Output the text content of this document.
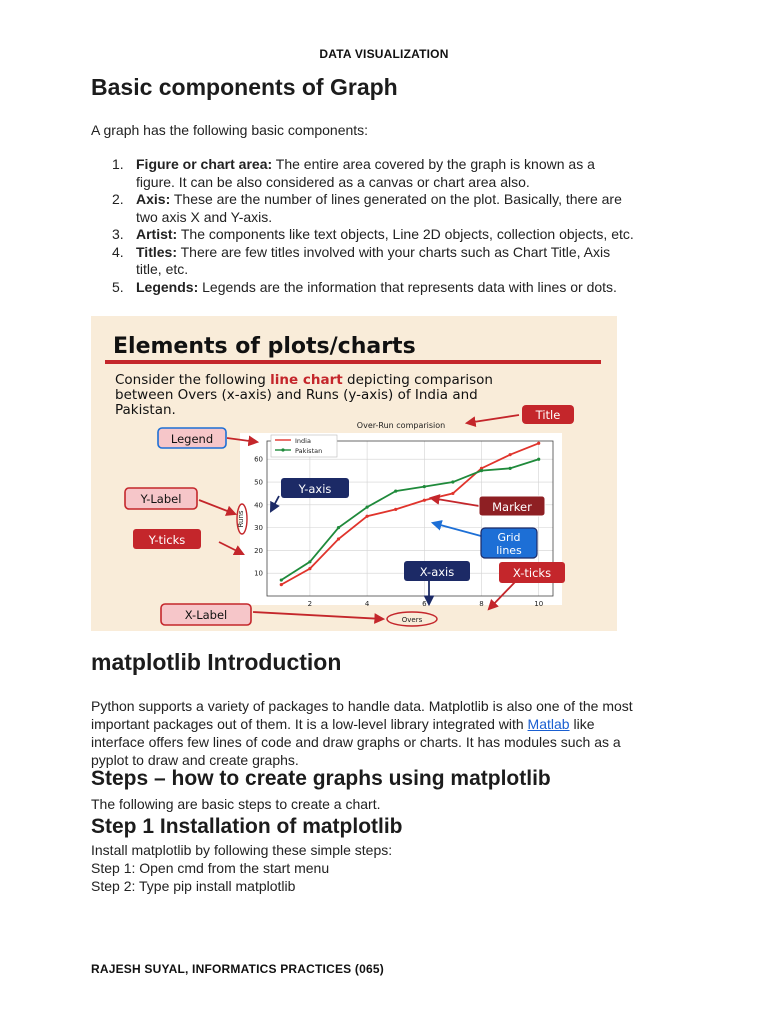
DATA VISUALIZATION
Basic components of Graph

A graph has the following basic components:

1. Figure or chart area: The entire area covered by the graph is known as a
figure. It can be also considered as a canvas or chart area also.
2. Axis: These are the number of lines generated on the plot. Basically, there are
two axis X and Y-axis.
3. Artist: The components like text objects, Line 2D objects, collection objects, etc.
4. Titles: There are few titles involved with your charts such as Chart Title, Axis
title, etc.
5. Legends: Legends are the information that represents data with lines or dots.
Elements of plots/charts
Consider the following line chart depicting comparison
between Overs (x-axis) and Runs (y-axis) of India and
Pakistan.
2	4	6	8	10
10
20
30
40
50
60
Over-Run comparision
Overs
Runs
India
Pakistan
Title
Legend
Y-Label
Y-axis
Y-ticks
Marker
Grid
lines
X-axis	X-ticks
X-Label
matplotlib Introduction

Python supports a variety of packages to handle data. Matplotlib is also one of the most
important packages out of them. It is a low-level library integrated with Matlab like
interface offers few lines of code and draw graphs or charts. It has modules such as a
pyplot to draw and create graphs.

Steps – how to create graphs using matplotlib

The following are basic steps to create a chart.

Step 1 Installation of matplotlib

Install matplotlib by following these simple steps:

Step 1: Open cmd from the start menu

Step 2: Type pip install matplotlib

RAJESH SUYAL, INFORMATICS PRACTICES (065)
